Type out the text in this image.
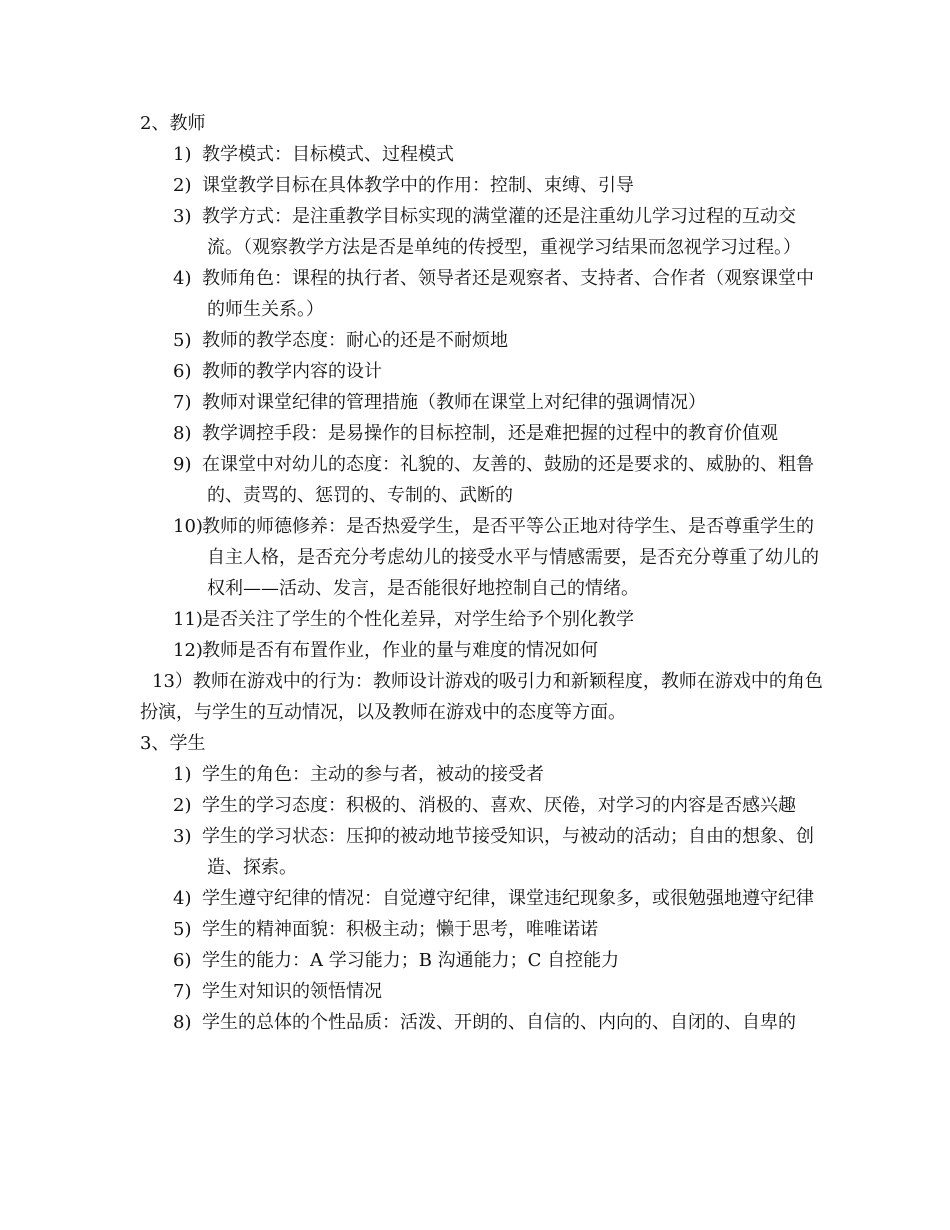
2、教师

1) 教学模式：目标模式、过程模式
2) 课堂教学目标在具体教学中的作用：控制、束缚、引导
3) 教学方式：是注重教学目标实现的满堂灌的还是注重幼儿学习过程的互动交流。（观察教学方法是否是单纯的传授型，重视学习结果而忽视学习过程。）
4) 教师角色：课程的执行者、领导者还是观察者、支持者、合作者（观察课堂中的师生关系。）
5) 教师的教学态度：耐心的还是不耐烦地
6) 教师的教学内容的设计
7) 教师对课堂纪律的管理措施（教师在课堂上对纪律的强调情况）
8) 教学调控手段：是易操作的目标控制，还是难把握的过程中的教育价值观
9) 在课堂中对幼儿的态度：礼貌的、友善的、鼓励的还是要求的、威胁的、粗鲁的、责骂的、惩罚的、专制的、武断的
10) 教师的师德修养：是否热爱学生，是否平等公正地对待学生、是否尊重学生的自主人格，是否充分考虑幼儿的接受水平与情感需要，是否充分尊重了幼儿的权利——活动、发言，是否能很好地控制自己的情绪。
11) 是否关注了学生的个性化差异，对学生给予个别化教学
12) 教师是否有布置作业，作业的量与难度的情况如何

13）教师在游戏中的行为：教师设计游戏的吸引力和新颖程度，教师在游戏中的角色扮演，与学生的互动情况，以及教师在游戏中的态度等方面。

3、学生

1) 学生的角色：主动的参与者，被动的接受者
2) 学生的学习态度：积极的、消极的、喜欢、厌倦，对学习的内容是否感兴趣
3) 学生的学习状态：压抑的被动地节接受知识，与被动的活动；自由的想象、创造、探索。
4) 学生遵守纪律的情况：自觉遵守纪律，课堂违纪现象多，或很勉强地遵守纪律
5) 学生的精神面貌：积极主动；懒于思考，唯唯诺诺
6) 学生的能力：A 学习能力；B 沟通能力；C 自控能力
7) 学生对知识的领悟情况
8) 学生的总体的个性品质：活泼、开朗的、自信的、内向的、自闭的、自卑的
